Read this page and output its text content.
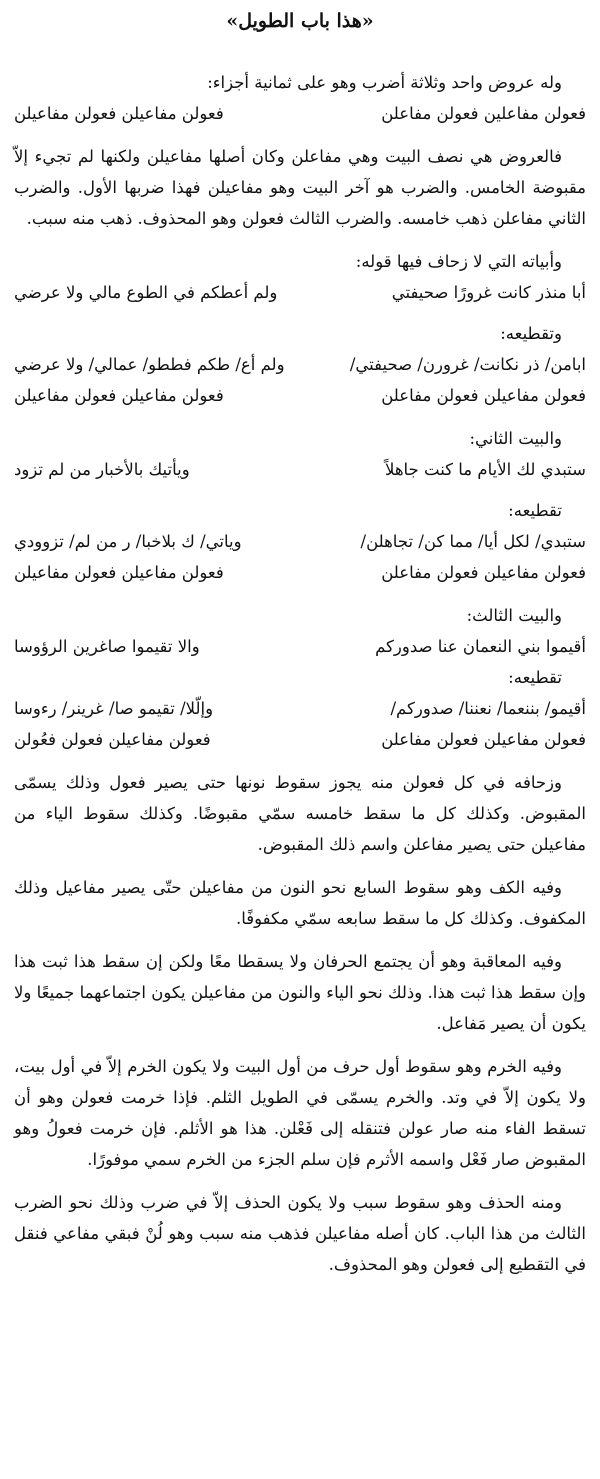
«هذا باب الطويل»
وله عروض واحد وثلاثة أضرب وهو على ثمانية أجزاء:
فعولن مفاعلين فعولن مفاعلن
فعولن مفاعيلن فعولن مفاعيلن
فالعروض هي نصف البيت وهي مفاعلن وكان أصلها مفاعيلن ولكنها لم تجيء إلاّ مقبوضة الخامس. والضرب هو آخر البيت وهو مفاعيلن فهذا ضربها الأول. والضرب الثاني مفاعلن ذهب خامسه. والضرب الثالث فعولن وهو المحذوف. ذهب منه سبب.
وأبياته التي لا زحاف فيها قوله:
أبا منذر كانت غرورًا صحيفتي
ولم أعطكم في الطوع مالي ولا عرضي
وتقطيعه:
ابامن/ ذر نكانت/ غرورن/ صحيفتي/
ولم أع/ طكم فططو/ عمالي/ ولا عرضي
فعولن مفاعيلن فعولن مفاعلن
فعولن مفاعيلن فعولن مفاعيلن
والبيت الثاني:
ستبدي لك الأيام ما كنت جاهلاً
ويأتيك بالأخبار من لم تزود
تقطيعه:
ستبدي/ لكل أيا/ مما كن/ تجاهلن/
وياتي/ ك بلاخبا/ ر من لم/ تزوودي
فعولن مفاعيلن فعولن مفاعلن
فعولن مفاعيلن فعولن مفاعيلن
والبيت الثالث:
أقيموا بني النعمان عنا صدوركم
والا تقيموا صاغرين الرؤوسا
تقطيعه:
أقيمو/ بننعما/ نعننا/ صدوركم/
وإلّلا/ تقيمو صا/ غرينر/ رءوسا
فعولن مفاعيلن فعولن مفاعلن
فعولن مفاعيلن فعولن فعُولن
وزحافه في كل فعولن منه يجوز سقوط نونها حتى يصير فعول وذلك يسمّى المقبوض. وكذلك كل ما سقط خامسه سمّي مقبوضًا. وكذلك سقوط الياء من مفاعيلن حتى يصير مفاعلن واسم ذلك المقبوض.
وفيه الكف وهو سقوط السابع نحو النون من مفاعيلن حتّى يصير مفاعيل وذلك المكفوف. وكذلك كل ما سقط سابعه سمّي مكفوفًا.
وفيه المعاقبة وهو أن يجتمع الحرفان ولا يسقطا معًا ولكن إن سقط هذا ثبت هذا وإن سقط هذا ثبت هذا. وذلك نحو الياء والنون من مفاعيلن يكون اجتماعهما جميعًا ولا يكون أن يصير مَفاعل.
وفيه الخرم وهو سقوط أول حرف من أول البيت ولا يكون الخرم إلاّ في أول بيت، ولا يكون إلاّ في وتد. والخرم يسمّى في الطويل الثلم. فإذا خرمت فعولن وهو أن تسقط الفاء منه صار عولن فتنقله إلى فَعْلن. هذا هو الأثلم. فإن خرمت فعولُ وهو المقبوض صار فَعْل واسمه الأثرم فإن سلم الجزء من الخرم سمي موفورًا.
ومنه الحذف وهو سقوط سبب ولا يكون الحذف إلاّ في ضرب وذلك نحو الضرب الثالث من هذا الباب. كان أصله مفاعيلن فذهب منه سبب وهو لُنْ فبقي مفاعي فنقل في التقطيع إلى فعولن وهو المحذوف.
